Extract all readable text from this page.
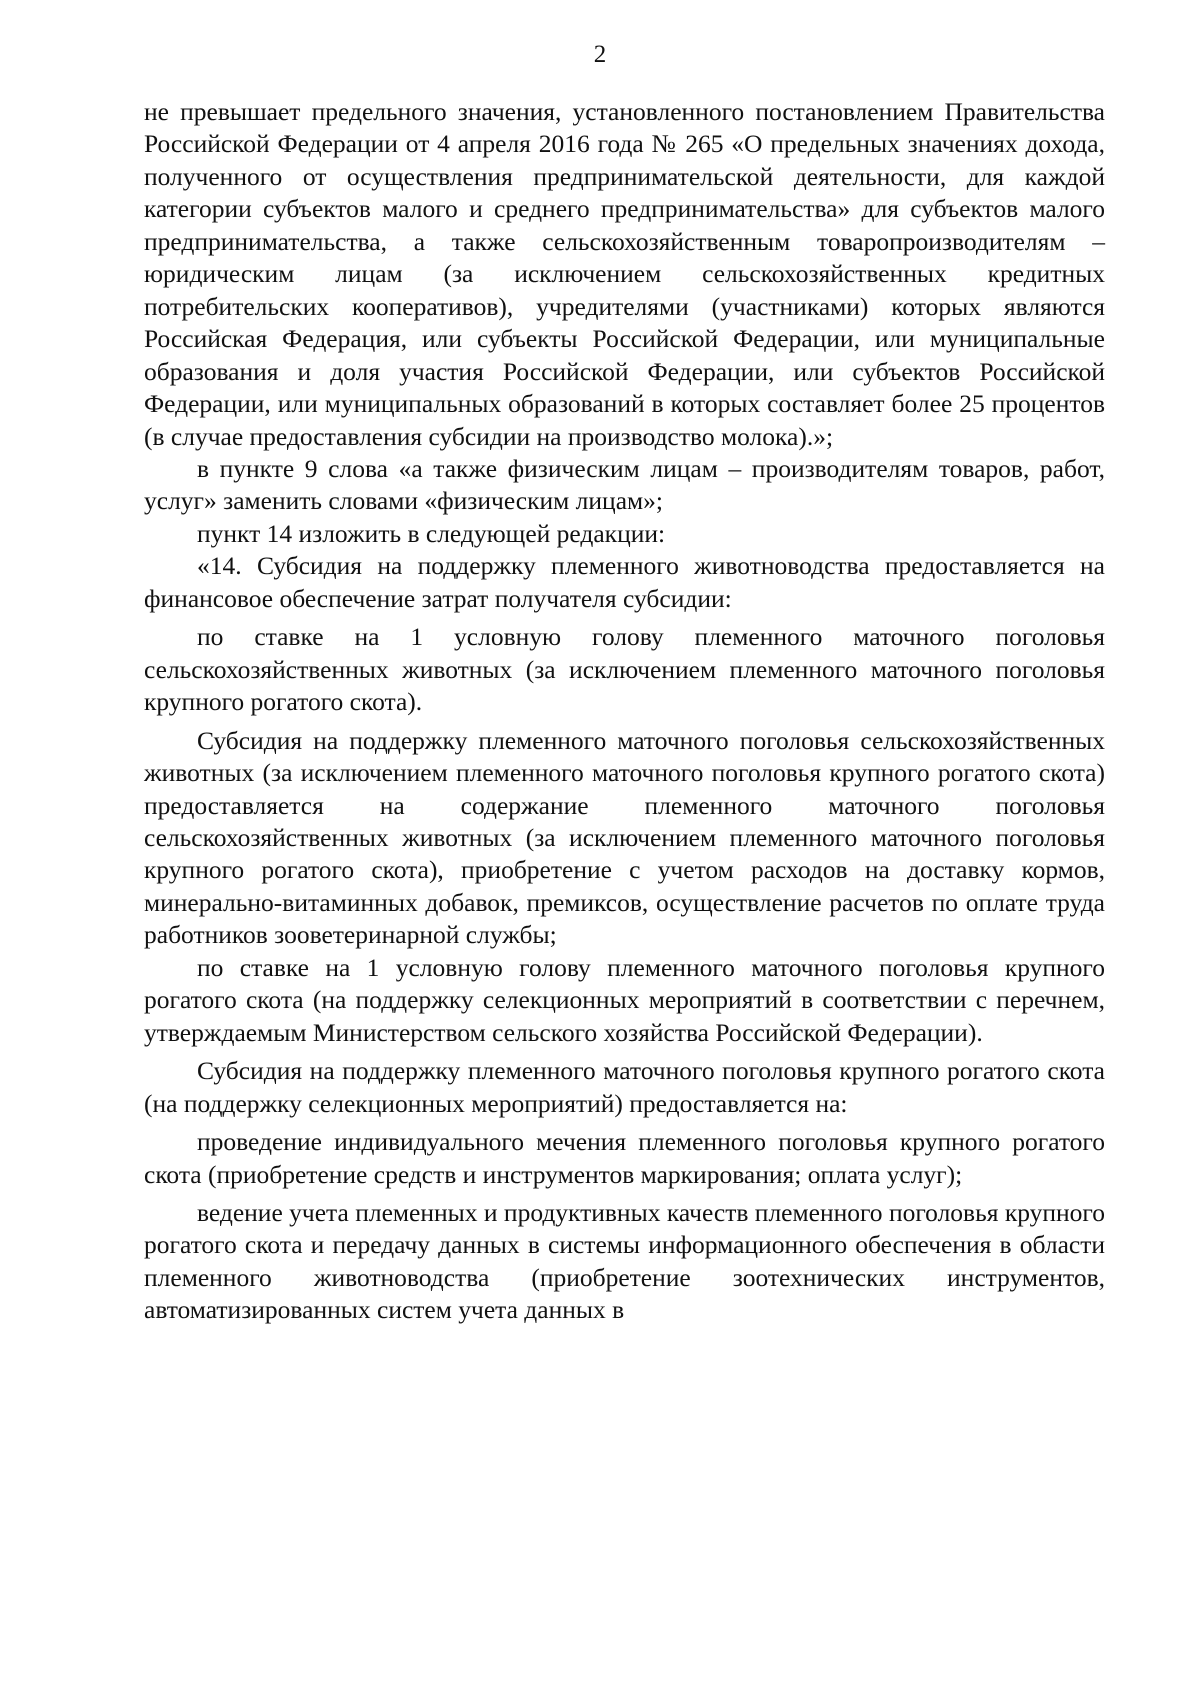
2

не превышает предельного значения, установленного постановлением Правительства Российской Федерации от 4 апреля 2016 года № 265 «О предельных значениях дохода, полученного от осуществления предпринимательской деятельности, для каждой категории субъектов малого и среднего предпринимательства» для субъектов малого предпринимательства, а также сельскохозяйственным товаропроизводителям – юридическим лицам (за исключением сельскохозяйственных кредитных потребительских кооперативов), учредителями (участниками) которых являются Российская Федерация, или субъекты Российской Федерации, или муниципальные образования и доля участия Российской Федерации, или субъектов Российской Федерации, или муниципальных образований в которых составляет более 25 процентов (в случае предоставления субсидии на производство молока).»;

в пункте 9 слова «а также физическим лицам – производителям товаров, работ, услуг» заменить словами «физическим лицам»;

пункт 14 изложить в следующей редакции:

«14. Субсидия на поддержку племенного животноводства предоставляется на финансовое обеспечение затрат получателя субсидии:

по ставке на 1 условную голову племенного маточного поголовья сельскохозяйственных животных (за исключением племенного маточного поголовья крупного рогатого скота).

Субсидия на поддержку племенного маточного поголовья сельскохозяйственных животных (за исключением племенного маточного поголовья крупного рогатого скота) предоставляется на содержание племенного маточного поголовья сельскохозяйственных животных (за исключением племенного маточного поголовья крупного рогатого скота), приобретение с учетом расходов на доставку кормов, минерально-витаминных добавок, премиксов, осуществление расчетов по оплате труда работников зооветеринарной службы;

по ставке на 1 условную голову племенного маточного поголовья крупного рогатого скота (на поддержку селекционных мероприятий в соответствии с перечнем, утверждаемым Министерством сельского хозяйства Российской Федерации).

Субсидия на поддержку племенного маточного поголовья крупного рогатого скота (на поддержку селекционных мероприятий) предоставляется на:

проведение индивидуального мечения племенного поголовья крупного рогатого скота (приобретение средств и инструментов маркирования; оплата услуг);

ведение учета племенных и продуктивных качеств племенного поголовья крупного рогатого скота и передачу данных в системы информационного обеспечения в области племенного животноводства (приобретение зоотехнических инструментов, автоматизированных систем учета данных в
